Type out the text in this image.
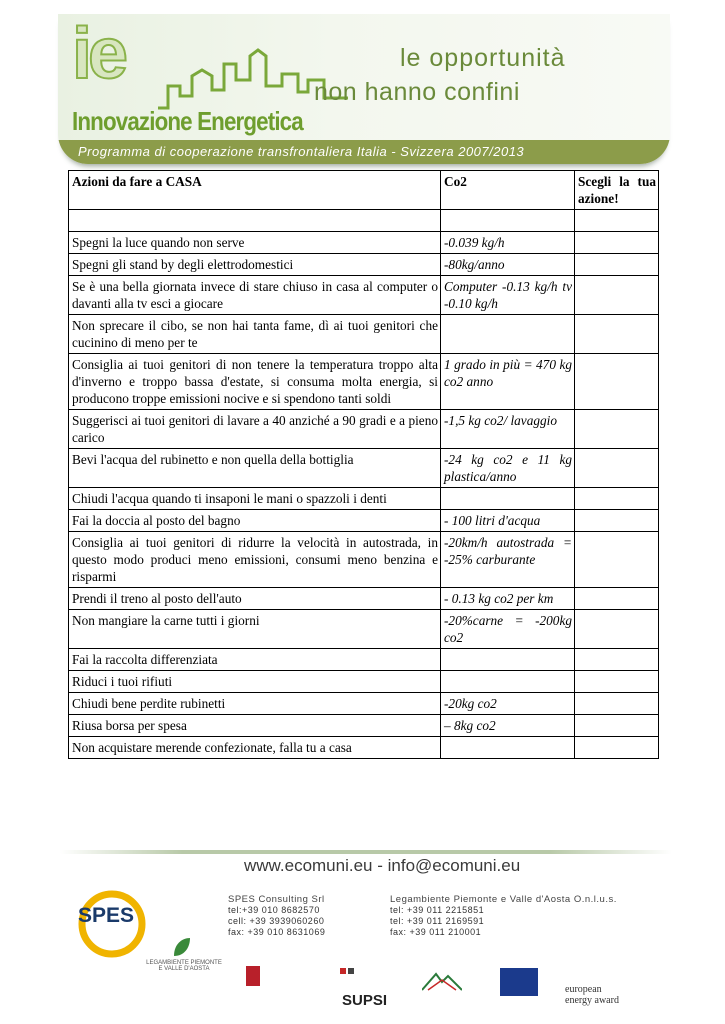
ie
Innovazione Energetica
le opportunità
non hanno confini
Programma di cooperazione transfrontaliera Italia - Svizzera 2007/2013
Azioni da fare a CASA	Co2	Scegli la tua azione!

Spegni la luce quando non serve	-0.039 kg/h	
Spegni gli stand by degli elettrodomestici	-80kg/anno	
Se è una bella giornata invece di stare chiuso in casa al computer o davanti alla tv esci a giocare	Computer -0.13 kg/h tv -0.10 kg/h	
Non sprecare il cibo, se non hai tanta fame, dì ai tuoi genitori che cucinino di meno per te		
Consiglia ai tuoi genitori di non tenere la temperatura troppo alta d'inverno e troppo bassa d'estate, si consuma molta energia, si producono troppe emissioni nocive e si spendono tanti soldi	1 grado in più = 470 kg co2 anno	
Suggerisci ai tuoi genitori di lavare a 40 anziché a 90 gradi e a pieno carico	-1,5 kg co2/ lavaggio	
Bevi l'acqua del rubinetto e non quella della bottiglia	-24 kg co2 e 11 kg plastica/anno	
Chiudi l'acqua quando ti insaponi le mani o spazzoli i denti		
Fai la doccia al posto del bagno	- 100 litri d'acqua	
Consiglia ai tuoi genitori di ridurre la velocità in autostrada, in questo modo produci meno emissioni, consumi meno benzina e risparmi	-20km/h autostrada = -25% carburante	
Prendi il treno al posto dell'auto	- 0.13 kg co2 per km	
Non mangiare la carne tutti i giorni	-20%carne = -200kg co2	
Fai la raccolta differenziata		
Riduci i tuoi rifiuti		
Chiudi bene perdite rubinetti	-20kg co2	
Riusa borsa per spesa	– 8kg co2	
Non acquistare merende confezionate, falla tu a casa		
www.ecomuni.eu - info@ecomuni.eu
SPES
SPES Consulting Srl
tel:+39 010 8682570
cell: +39 3939060260
fax: +39 010 8631069
Legambiente Piemonte e Valle d'Aosta O.n.l.u.s.
tel: +39 011 2215851
tel: +39 011 2169591
fax: +39 011 210001
LEGAMBIENTE PIEMONTE E VALLE D'AOSTA
SUPSI
european
energy award
